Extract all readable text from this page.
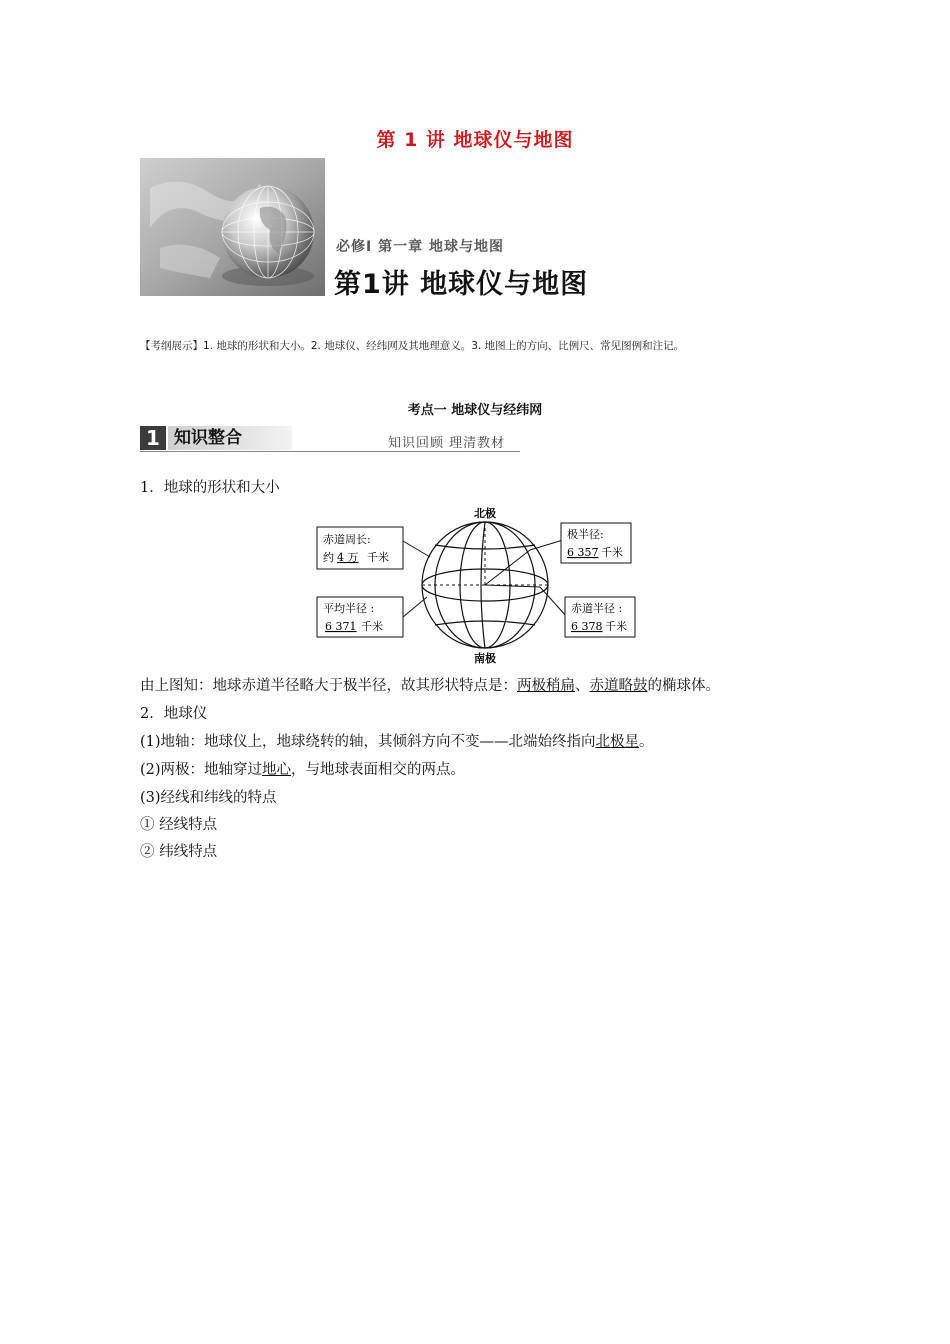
第 1 讲 地球仪与地图
必修Ⅰ 第一章 地球与地图
第1讲 地球仪与地图
【考纲展示】1. 地球的形状和大小。2. 地球仪、经纬网及其地理意义。3. 地图上的方向、比例尺、常见图例和注记。
考点一 地球仪与经纬网
1 知识整合	知识回顾 理清教材
1．地球的形状和大小
北极
南极
赤道周长:
约 4 万 千米
极半径:
6 357 千米
平均半径 :
6 371 千米
赤道半径 :
6 378 千米
由上图知：地球赤道半径略大于极半径，故其形状特点是：两极稍扁、赤道略鼓的椭球体。
2．地球仪
(1)地轴：地球仪上，地球绕转的轴，其倾斜方向不变——北端始终指向北极星。
(2)两极：地轴穿过地心，与地球表面相交的两点。
(3)经线和纬线的特点
① 经线特点
② 纬线特点
